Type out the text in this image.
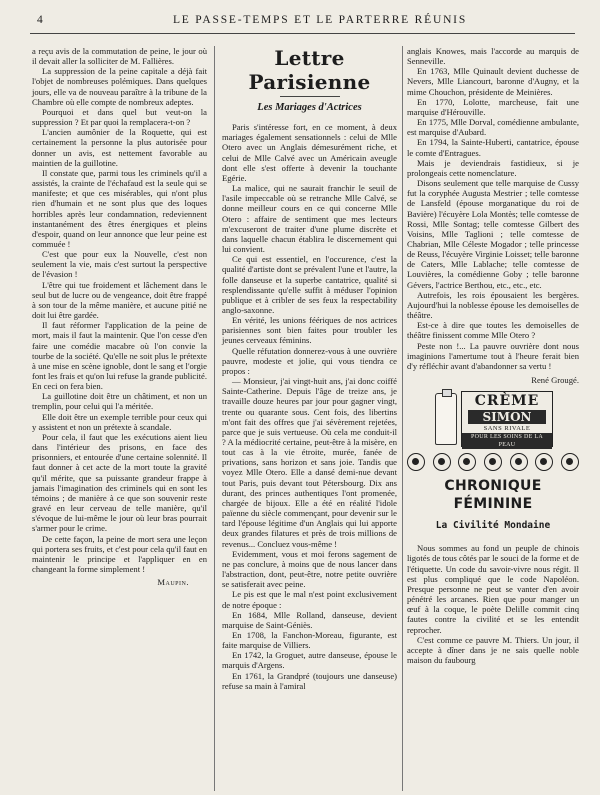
4	LE PASSE-TEMPS ET LE PARTERRE RÉUNIS

a reçu avis de la commutation de peine, le jour où il devait aller la solliciter de M. Fallières.

La suppression de la peine capitale a déjà fait l'objet de nombreuses polémiques. Dans quelques jours, elle va de nouveau paraître à la tribune de la Chambre où elle compte de nombreux adeptes.

Pourquoi et dans quel but veut-on la suppression ? Et par quoi la remplacera-t-on ?

L'ancien aumônier de la Roquette, qui est certainement la personne la plus autorisée pour donner un avis, est nettement favorable au maintien de la guillotine.

Il constate que, parmi tous les criminels qu'il a assistés, la crainte de l'échafaud est la seule qui se manifeste; et que ces misérables, qui n'ont plus rien d'humain et ne sont plus que des loques horribles après leur condamnation, redeviennent instantanément des êtres énergiques et pleins d'espoir, quand on leur annonce que leur peine est commuée !

C'est que pour eux la Nouvelle, c'est non seulement la vie, mais c'est surtout la perspective de l'évasion !

L'être qui tue froidement et lâchement dans le seul but de lucre ou de vengeance, doit être frappé à son tour de la même manière, et aucune pitié ne doit lui être gardée.

Il faut réformer l'application de la peine de mort, mais il faut la maintenir. Que l'on cesse d'en faire une comédie macabre où l'on convie la tourbe de la société. Qu'elle ne soit plus le prétexte à une mise en scène ignoble, dont le sang et l'orgie font les frais et qu'on lui refuse la grande publicité. En ceci on fera bien.

La guillotine doit être un châtiment, et non un tremplin, pour celui qui l'a méritée.

Elle doit être un exemple terrible pour ceux qui y assistent et non un prétexte à scandale.

Pour cela, il faut que les exécutions aient lieu dans l'intérieur des prisons, en face des prisonniers, et entourée d'une certaine solennité. Il faut donner à cet acte de la mort toute la gravité qu'il mérite, que sa puissante grandeur frappe à jamais l'imagination des criminels qui en sont les témoins ; de manière à ce que son souvenir reste gravé en leur cerveau de telle manière, qu'il s'évoque de lui-même le jour où leur bras pourrait s'armer pour le crime.

De cette façon, la peine de mort sera une leçon qui portera ses fruits, et c'est pour cela qu'il faut en maintenir le principe et l'appliquer en en changeant la forme simplement !

Maupin.
Lettre Parisienne
Les Mariages d'Actrices

Paris s'intéresse fort, en ce moment, à deux mariages également sensationnels : celui de Mlle Otero avec un Anglais démesurément riche, et celui de Mlle Calvé avec un Américain aveugle dont elle s'est offerte à devenir la touchante Egérie.

La malice, qui ne saurait franchir le seuil de l'asile impeccable où se retranche Mlle Calvé, se donne meilleur cours en ce qui concerne Mlle Otero : affaire de sentiment que mes lecteurs m'excuseront de traiter d'une plume discrète et dans laquelle chacun établira le discernement qui lui convient.

Ce qui est essentiel, en l'occurence, c'est la qualité d'artiste dont se prévalent l'une et l'autre, la folle danseuse et la superbe cantatrice, qualité si resplendissante qu'elle suffit à méduser l'opinion publique et à cribler de ses feux la respectability anglo-saxonne.

En vérité, les unions féériques de nos actrices parisiennes sont bien faites pour troubler les jeunes cerveaux féminins.

Quelle réfutation donnerez-vous à une ouvrière pauvre, modeste et jolie, qui vous tiendra ce propos :

— Monsieur, j'ai vingt-huit ans, j'ai donc coiffé Sainte-Catherine. Depuis l'âge de treize ans, je travaille douze heures par jour pour gagner vingt, trente ou quarante sous. Cent fois, des libertins m'ont fait des offres que j'ai sévèrement rejetées, parce que je suis vertueuse. Où cela me conduit-il ? A la médiocrité certaine, peut-être à la misère, en tout cas à la vie étroite, murée, fanée de privations, sans horizon et sans joie. Tandis que voyez Mlle Otero. Elle a dansé demi-nue devant tout Paris, puis devant tout Pétersbourg. Dix ans durant, des princes authentiques l'ont promenée, chargée de bijoux. Elle a été en réalité l'idole païenne du siècle commençant, pour devenir sur le tard l'épouse légitime d'un Anglais qui lui apporte deux grandes filatures et près de trois millions de revenus... Concluez vous-même !

Evidemment, vous et moi ferons sagement de ne pas conclure, à moins que de nous lancer dans l'abstraction, dont, peut-être, notre petite ouvrière se satisferait avec peine.

Le pis est que le mal n'est point exclusivement de notre époque :

En 1684, Mlle Rolland, danseuse, devient marquise de Saint-Géniès.

En 1708, la Fanchon-Moreau, figurante, est faite marquise de Villiers.

En 1742, la Groguet, autre danseuse, épouse le marquis d'Argens.

En 1761, la Grandpré (toujours une danseuse) refuse sa main à l'amiral

anglais Knowes, mais l'accorde au marquis de Senneville.

En 1763, Mlle Quinault devient duchesse de Nevers, Mlle Liancourt, baronne d'Augny, et la mime Chouchon, présidente de Meinières.

En 1770, Lolotte, marcheuse, fait une marquise d'Hérouville.

En 1775, Mlle Dorval, comédienne ambulante, est marquise d'Aubard.

En 1794, la Sainte-Huberti, cantatrice, épouse le comte d'Entragues.

Mais je deviendrais fastidieux, si je prolongeais cette nomenclature.

Disons seulement que telle marquise de Cussy fut la coryphée Augusta Mestrier ; telle comtesse de Lansfeld (épouse morganatique du roi de Bavière) l'écuyère Lola Montès; telle comtesse de Rossi, Mlle Sontag; telle comtesse Gilbert des Voisins, Mlle Taglioni ; telle comtesse de Chabrian, Mlle Céleste Mogador ; telle princesse de Reuss, l'écuyère Virginie Loisset; telle baronne de Caters, Mlle Lablache; telle comtesse de Louvières, la comédienne Goby ; telle baronne Gévers, l'actrice Berthou, etc., etc., etc.

Autrefois, les rois épousaient les bergères. Aujourd'hui la noblesse épouse les demoiselles de théâtre.

Est-ce à dire que toutes les demoiselles de théâtre finissent comme Mlle Otero ?

Peste non !... La pauvre ouvrière dont nous imaginions l'amertume tout à l'heure ferait bien d'y réfléchir avant d'abandonner sa vertu !

René Grougé.
CRÈME
SIMON
SANS RIVALE
POUR LES SOINS DE LA PEAU
CHRONIQUE FÉMININE
La Civilité Mondaine

Nous sommes au fond un peuple de chinois ligotés de tous côtés par le souci de la forme et de l'étiquette. Un code du savoir-vivre nous régit. Il est plus compliqué que le code Napoléon. Presque personne ne peut se vanter d'en avoir pénétré les arcanes. Rien que pour manger un œuf à la coque, le poète Delille commit cinq fautes contre la civilité et se les entendit reprocher.

C'est comme ce pauvre M. Thiers. Un jour, il accepte à dîner dans je ne sais quelle noble maison du faubourg
